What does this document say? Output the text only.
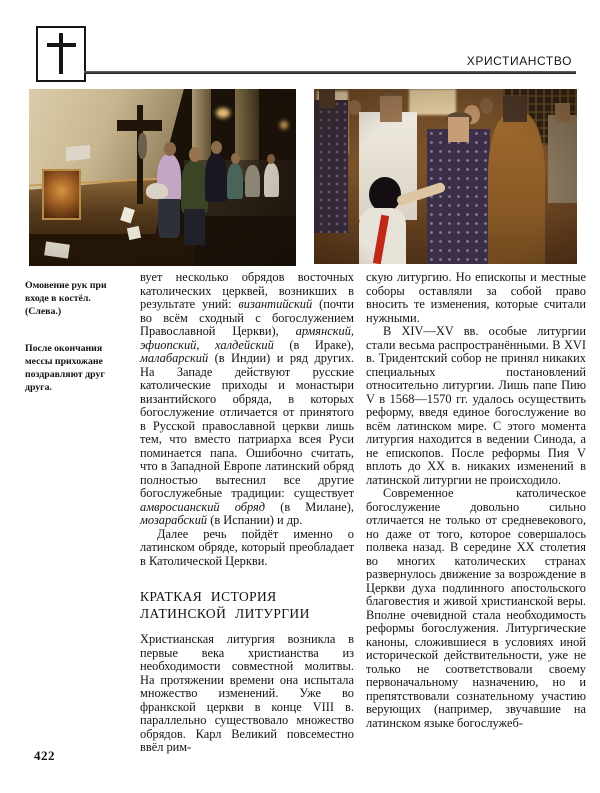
ХРИСТИАНСТВО

Омовение рук при входе в костёл. (Слева.)

После окончания мессы прихожане поздравляют друг друга.

вует несколько обрядов восточных католических церквей, возникших в результате уний: византийский (почти во всём сходный с богослужением Православной Церкви), армянский, эфиопский, халдейский (в Ираке), малабарский (в Индии) и ряд других. На Западе действуют русские католические приходы и монастыри византийского обряда, в которых богослужение отличается от принятого в Русской православной церкви лишь тем, что вместо патриарха всея Руси поминается папа. Ошибочно считать, что в Западной Европе латинский обряд полностью вытеснил все другие богослужебные традиции: существует амвросианский обряд (в Милане), мозарабский (в Испании) и др.

Далее речь пойдёт именно о латинском обряде, который преобладает в Католической Церкви.

КРАТКАЯ ИСТОРИЯ
ЛАТИНСКОЙ ЛИТУРГИИ

Христианская литургия возникла в первые века христианства из необходимости совместной молитвы. На протяжении времени она испытала множество изменений. Уже во франкской церкви в конце VIII в. параллельно существовало множество обрядов. Карл Великий повсеместно ввёл рим-

скую литургию. Но епископы и местные соборы оставляли за собой право вносить те изменения, которые считали нужными.

В XIV—XV вв. особые литургии стали весьма распространёнными. В XVI в. Тридентский собор не принял никаких специальных постановлений относительно литургии. Лишь папе Пию V в 1568—1570 гг. удалось осуществить реформу, введя единое богослужение во всём латинском мире. С этого момента литургия находится в ведении Синода, а не епископов. После реформы Пия V вплоть до XX в. никаких изменений в латинской литургии не происходило.

Современное католическое богослужение довольно сильно отличается не только от средневекового, но даже от того, которое совершалось полвека назад. В середине XX столетия во многих католических странах развернулось движение за возрождение в Церкви духа подлинного апостольского благовестия и живой христианской веры. Вполне очевидной стала необходимость реформы богослужения. Литургические каноны, сложившиеся в условиях иной исторической действительности, уже не только не соответствовали своему первоначальному назначению, но и препятствовали сознательному участию верующих (например, звучавшие на латинском языке богослужеб-

422
